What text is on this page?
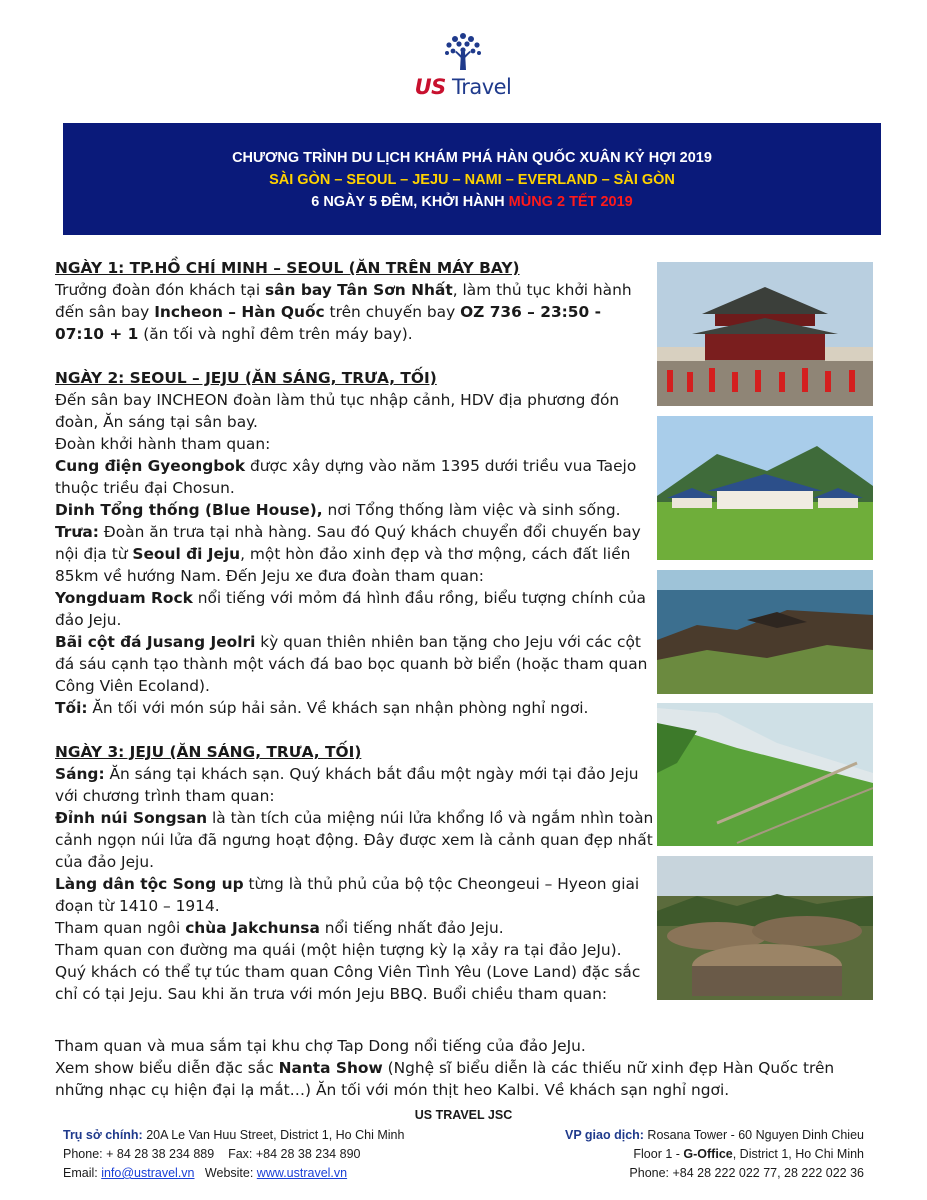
US Travel
CHƯƠNG TRÌNH DU LỊCH KHÁM PHÁ HÀN QUỐC XUÂN KỶ HỢI 2019
SÀI GÒN – SEOUL – JEJU – NAMI – EVERLAND – SÀI GÒN
6 NGÀY 5 ĐÊM, KHỞI HÀNH MÙNG 2 TẾT 2019

NGÀY 1: TP.HỒ CHÍ MINH – SEOUL (ĂN TRÊN MÁY BAY)

Trưởng đoàn đón khách tại sân bay Tân Sơn Nhất, làm thủ tục khởi hành đến sân bay Incheon – Hàn Quốc trên chuyến bay OZ 736 – 23:50 - 07:10 + 1 (ăn tối và nghỉ đêm trên máy bay).

NGÀY 2: SEOUL – JEJU (ĂN SÁNG, TRƯA, TỐI)

Đến sân bay INCHEON đoàn làm thủ tục nhập cảnh, HDV địa phương đón đoàn, Ăn sáng tại sân bay.

Đoàn khởi hành tham quan:

Cung điện Gyeongbok được xây dựng vào năm 1395 dưới triều vua Taejo thuộc triều đại Chosun.

Dinh Tổng thống (Blue House), nơi Tổng thống làm việc và sinh sống.

Trưa: Đoàn ăn trưa tại nhà hàng. Sau đó Quý khách chuyển đổi chuyến bay nội địa từ Seoul đi Jeju, một hòn đảo xinh đẹp và thơ mộng, cách đất liền 85km về hướng Nam. Đến Jeju xe đưa đoàn tham quan:

Yongduam Rock nổi tiếng với mỏm đá hình đầu rồng, biểu tượng chính của đảo Jeju.

Bãi cột đá Jusang Jeolri kỳ quan thiên nhiên ban tặng cho Jeju với các cột đá sáu cạnh tạo thành một vách đá bao bọc quanh bờ biển (hoặc tham quan Công Viên Ecoland).

Tối: Ăn tối với món súp hải sản. Về khách sạn nhận phòng nghỉ ngơi.

NGÀY 3: JEJU (ĂN SÁNG, TRƯA, TỐI)

Sáng: Ăn sáng tại khách sạn. Quý khách bắt đầu một ngày mới tại đảo Jeju với chương trình tham quan:

Đỉnh núi Songsan là tàn tích của miệng núi lửa khổng lồ và ngắm nhìn toàn cảnh ngọn núi lửa đã ngưng hoạt động. Đây được xem là cảnh quan đẹp nhất của đảo Jeju.

Làng dân tộc Song up từng là thủ phủ của bộ tộc Cheongeui – Hyeon giai đoạn từ 1410 – 1914.

Tham quan ngôi chùa Jakchunsa nổi tiếng nhất đảo Jeju.

Tham quan con đường ma quái (một hiện tượng kỳ lạ xảy ra tại đảo JeJu).

Quý khách có thể tự túc tham quan Công Viên Tình Yêu (Love Land) đặc sắc chỉ có tại Jeju. Sau khi ăn trưa với món Jeju BBQ. Buổi chiều tham quan:

Tham quan và mua sắm tại khu chợ Tap Dong nổi tiếng của đảo JeJu.

Xem show biểu diễn đặc sắc Nanta Show (Nghệ sĩ biểu diễn là các thiếu nữ xinh đẹp Hàn Quốc trên những nhạc cụ hiện đại lạ mắt…) Ăn tối với món thịt heo Kalbi. Về khách sạn nghỉ ngơi.

US TRAVEL JSC
Trụ sở chính: 20A Le Van Huu Street, District 1, Ho Chi Minh
Phone: + 84 28 38 234 889    Fax: +84 28 38 234 890
Email: info@ustravel.vn   Website: www.ustravel.vn
VP giao dịch: Rosana Tower - 60 Nguyen Dinh Chieu
Floor 1 - G-Office, District 1, Ho Chi Minh
Phone: +84 28 222 022 77, 28 222 022 36
